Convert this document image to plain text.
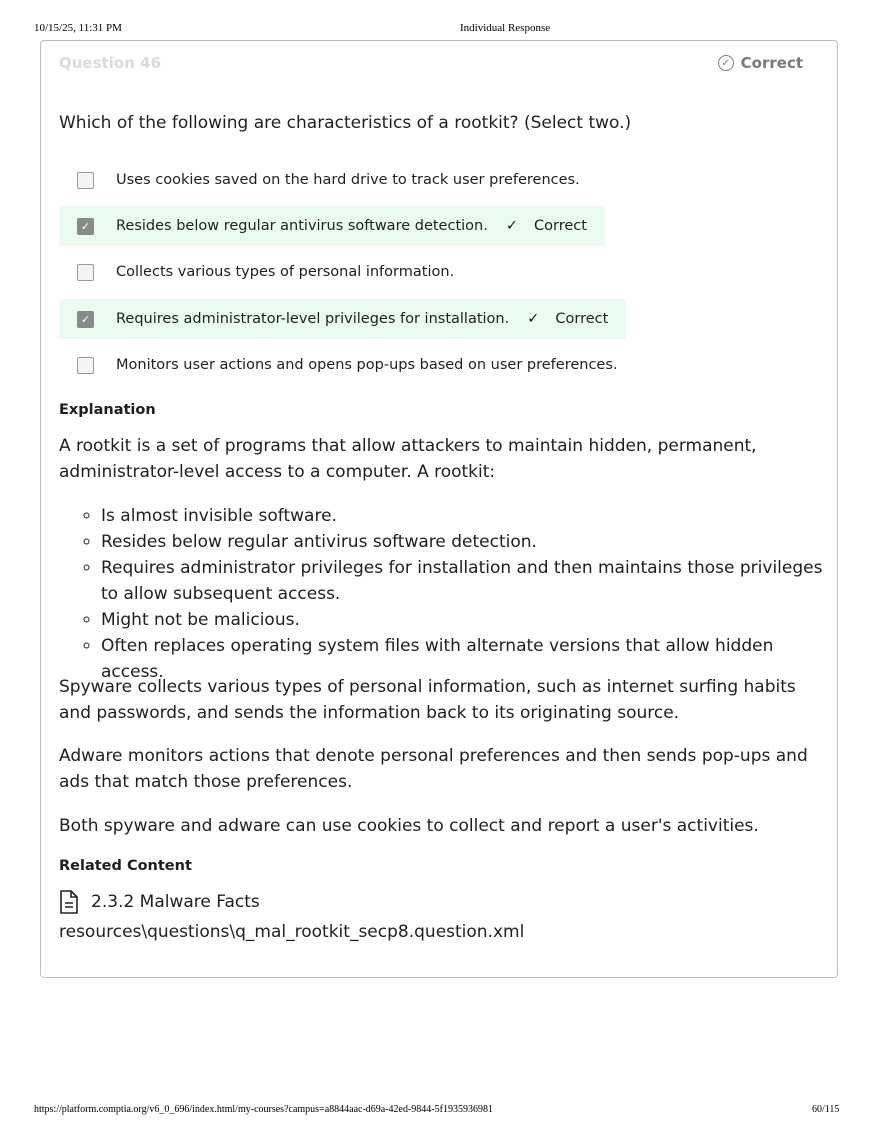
10/15/25, 11:31 PM	Individual Response
Question 46	✓ Correct
Which of the following are characteristics of a rootkit? (Select two.)
Uses cookies saved on the hard drive to track user preferences.
✓ Resides below regular antivirus software detection. ✓ Correct
Collects various types of personal information.
✓ Requires administrator-level privileges for installation. ✓ Correct
Monitors user actions and opens pop-ups based on user preferences.
Explanation
A rootkit is a set of programs that allow attackers to maintain hidden, permanent, administrator-level access to a computer. A rootkit:
◦ Is almost invisible software.
◦ Resides below regular antivirus software detection.
◦ Requires administrator privileges for installation and then maintains those privileges to allow subsequent access.
◦ Might not be malicious.
◦ Often replaces operating system files with alternate versions that allow hidden access.
Spyware collects various types of personal information, such as internet surfing habits and passwords, and sends the information back to its originating source.
Adware monitors actions that denote personal preferences and then sends pop-ups and ads that match those preferences.
Both spyware and adware can use cookies to collect and report a user's activities.
Related Content
2.3.2 Malware Facts
resources\questions\q_mal_rootkit_secp8.question.xml
https://platform.comptia.org/v6_0_696/index.html/my-courses?campus=a8844aac-d69a-42ed-9844-5f1935936981	60/115
